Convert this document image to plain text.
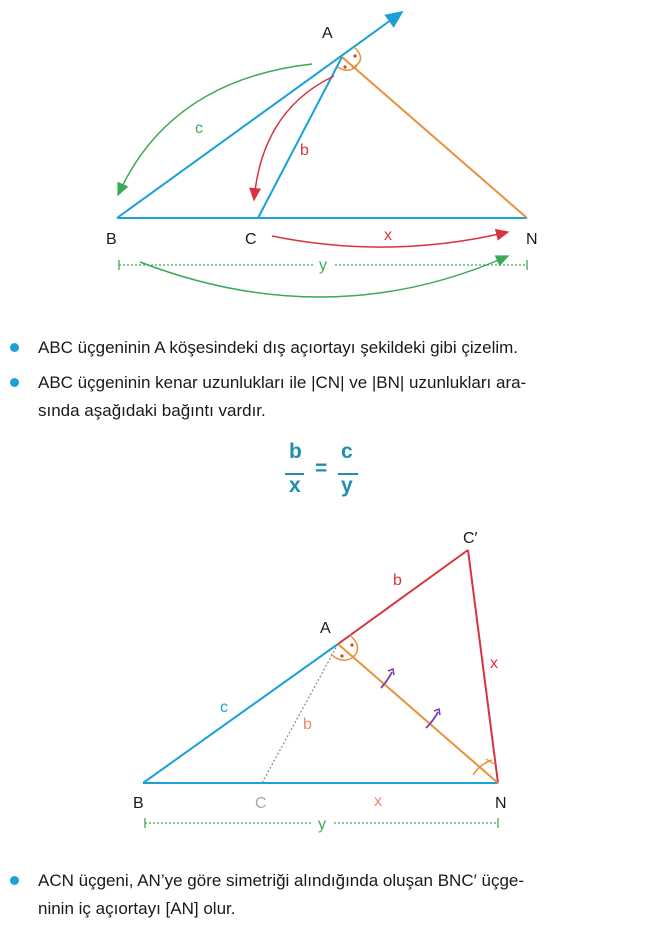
A
B	C	N
c
b
x
y
ABC üçgeninin A köşesindeki dış açıortayı şekildeki gibi çizelim.
ABC üçgeninin kenar uzunlukları ile |CN| ve |BN| uzunlukları ara-
sında aşağıdaki bağıntı vardır.
b
x
=
c
y
C′
A
B	C	N
b
x
c
b
x
y
ACN üçgeni, AN’ye göre simetriği alındığında oluşan BNC′ üçge-
ninin iç açıortayı [AN] olur.
